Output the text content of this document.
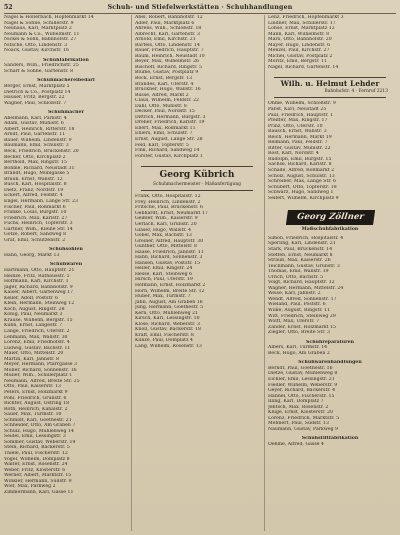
52	Schuh- und Stiefelwerkstätten · Schuhhandlungen
Nagel & Hollerbach, Hopfenmarkt 14
Nagel & Söhne, Schillerstr. 9
Neuhaus, Karl, Marktplatz 2
Neumann & Co., Wilhelmstr. 11
Nickel & Sohn, Bahnhofstr. 27
Nitsche, Otto, Lindenstr. 3
Noack, Gustav, Kirchstr. 16
Schuhfabrikation
Sanders, Wilh., Friedrichstr. 25
Scharf & Söhne, Gartenstr. 8
Schuhmachereibedarf
Berger, Ernst, Marktplatz 5
Dietrich & Co., Postplatz 14
Hauser, Fritz, Bergstr. 22
Wagner, Paul, Schloßstr. 7
Schuhmacher
Abelmann, Karl, Parkstr. 4
Adam, Gustav, Mühlstr. 6
Albert, Heinrich, Ritterstr. 18
Arndt, Paul, Gartenstr. 11
Bauer, Wilhelm, Lindenstr. 9
Baumann, Emil, Schulstr. 3
Beck, Friedrich, Brückenstr. 20
Becker, Otto, Kirchplatz 2
Berthold, Max, Ringstr. 15
Böhme, Richard, Neustadt 31
Brandt, Hugo, Mühlgasse 5
Braun, Ernst, Wallstr. 12
Busch, Karl, Hospitalstr. 8
Dietz, Franz, Nordstr. 19
Eckert, Alfred, Feldstr. 4
Engel, Hermann, Lange Str. 23
Fischer, Paul, Roßmarkt 6
Franke, Louis, Burgstr. 10
Friedrich, Max, Karlstr. 27
Fuchs, Heinrich, Töpferstr. 3
Gärtner, Wilh., Kleine Str. 14
Götze, Robert, Sandweg 8
Graf, Emil, Schützenstr. 2
Schuhsohlen
Hahn, Georg, Markt 13
Schuhwaren
Hartmann, Otto, Hauptstr. 21
Heinze, Fritz, Rathausstr. 5
Hoffmann, Karl, Kirchstr. 1
Jäger, Richard, Bahnhofstr. 9
Kaiser, Albert, Gartenweg 17
Keller, Adolf, Poststr. 6
Klein, Hermann, Steinweg 12
Koch, August, Ringstr. 28
König, Paul, Neumarkt 3
Krause, Wilhelm, Bergstr. 15
Kühn, Ernst, Langestr. 7
Lange, Friedrich, Uferstr. 2
Lehmann, Max, Wallstr. 30
Lorenz, Emil, Friedhofstr. 4
Ludwig, Gustav, Bachstr. 11
Maier, Otto, Mittelstr. 20
Martin, Karl, Jahnstr. 8
Meyer, Hermann, Pfarrgasse 3
Möller, Richard, Sonnenstr. 16
Müller, Wilh., Schillerplatz 1
Neumann, Alfred, Breite Str. 25
Otto, Paul, Kaiserstr. 13
Peters, Ernst, Holzmarkt 9
Pohl, Friedrich, Grünstr. 6
Richter, August, Ostring 18
Roth, Heinrich, Kanalstr. 2
Sauer, Max, Turmstr. 10
Schmidt, Karl, Goethestr. 21
Schneider, Otto, Am Graben 7
Schulz, Hugo, Mühlenweg 14
Seidel, Emil, Lessingstr. 3
Sommer, Gustav, Weberstr. 19
Stein, Richard, Bäckerstr. 5
Thiele, Paul, Fischerstr. 12
Vogel, Wilhelm, Domplatz 8
Walter, Ernst, Rosenstr. 24
Weber, Fritz, Klosterstr. 6
Werner, Albert, Marktstr. 15
Winkler, Hermann, Südstr. 9
Wolf, Max, Parkweg 2
Zimmermann, Karl, Gasse 11
Abel, Robert, Bahnhofstr. 12
Adler, Paul, Marktplatz 6
Ahrens, Wilh., Schloßstr. 18
Albrecht, Karl, Gartenstr. 3
Arnold, Emil, Kirchstr. 21
Bartels, Otto, Lindenstr. 14
Bauer, Friedrich, Hauptstr. 7
Baum, Heinrich, Neustadt 10
Beyer, Max, Wilhelmstr. 26
Bischoff, Richard, Ringstr. 5
Blume, Gustav, Postplatz 9
Bock, Ernst, Bergstr. 13
Brandes, Karl, Uferstr. 4
Brückner, Hugo, Wallstr. 16
Busse, Alfred, Markt 2
Claus, Wilhelm, Feldstr. 22
Dahl, Otto, Mühlstr. 8
Decker, Paul, Nordstr. 15
Dittrich, Hermann, Burgstr. 3
Dreher, Friedrich, Karlstr. 19
Ebert, Max, Roßmarkt 11
Ehlers, Emil, Schulstr. 7
Ernst, August, Lange Str. 28
Feld, Karl, Töpferstr. 5
Fink, Richard, Sandweg 14
Förster, Gustav, Kirchplatz 1
Georg Kübrich
Schuhmachermeister · Maßanfertigung
Frank, Otto, Hospitalstr. 12
Frey, Heinrich, Lindenstr. 2
Fritsche, Paul, Brückenstr. 6
Gebhardt, Ernst, Neumarkt 17
Geißler, Wilh., Kaiserstr. 9
Gerlach, Karl, Grünstr. 20
Glaser, Hugo, Wallstr. 4
Göbel, Max, Bachstr. 13
Greiner, Alfred, Hauptstr. 30
Günther, Otto, Mittelstr. 8
Haase, Friedrich, Jahnstr. 11
Hahn, Richard, Sonnenstr. 3
Hansen, Gustav, Poststr. 15
Heller, Emil, Ringstr. 24
Hesse, Karl, Steinweg 6
Hirsch, Paul, Uferstr. 19
Hofmann, Ernst, Holzmarkt 2
Horn, Wilhelm, Breite Str. 12
Huber, Max, Turmstr. 7
Jahn, August, Am Graben 16
Jung, Hermann, Goethestr. 5
Kern, Otto, Mühlenweg 21
Kirsch, Karl, Lessingstr. 10
Klose, Richard, Weberstr. 3
Knoll, Gustav, Bäckerstr. 18
Kraft, Emil, Fischerstr. 8
Kunze, Paul, Domplatz 4
Lang, Wilhelm, Rosenstr. 13
Lenz, Friedrich, Hopfenmarkt 3
Lindner, Max, Schillerstr. 17
Lohse, Ernst, Marktplatz 12
Mann, Karl, Wilhelmstr. 8
Marx, Otto, Bahnhofstr. 20
Mayer, Hugo, Lindenstr. 6
Menzel, Paul, Kirchstr. 27
Michel, Gustav, Postplatz 2
Moritz, Emil, Bergstr. 11
Nagel, Richard, Gartenstr. 14
Wilh. u. Helmut Lehder
Bahnhofstr. 4 · Fernruf 2213
Ohme, Wilhelm, Schloßstr. 9
Pabst, Karl, Neustadt 25
Paul, Friedrich, Hauptstr. 1
Pfeiffer, Max, Ringstr. 17
Prinz, Otto, Uferstr. 10
Rausch, Ernst, Wallstr. 3
Reich, Hermann, Markt 19
Reimann, Paul, Feldstr. 7
Ritter, Gustav, Mühlstr. 22
Rost, Karl, Nordstr. 4
Rudolph, Emil, Burgstr. 15
Sachse, Richard, Karlstr. 8
Schade, Alfred, Roßmarkt 2
Scholz, August, Schulstr. 13
Schreiber, Max, Lange Str. 6
Schubert, Otto, Töpferstr. 18
Schwarz, Hugo, Sandweg 1
Seifert, Wilhelm, Kirchplatz 9
Georg Zöllner
Maßschuhfabrikation
Simon, Friedrich, Hospitalstr. 4
Sperling, Karl, Lindenstr. 21
Stark, Paul, Brückenstr. 14
Steffen, Ernst, Neumarkt 8
Strauß, Max, Kaiserstr. 26
Teichmann, Gustav, Grünstr. 3
Thomas, Emil, Wallstr. 19
Ulrich, Otto, Bachstr. 5
Voigt, Richard, Hauptstr. 12
Wagner, Hermann, Mittelstr. 24
Weise, Karl, Jahnstr. 2
Wendt, Alfred, Sonnenstr. 17
Wieland, Paul, Poststr. 6
Wilke, August, Ringstr. 11
Witt, Friedrich, Steinweg 29
Wolff, Max, Uferstr. 7
Zander, Ernst, Holzmarkt 15
Ziegler, Otto, Breite Str. 3
Schuhreparaturen
Albers, Karl, Turmstr. 14
Beck, Hugo, Am Graben 2
Schuhwarenhandlungen
Berndt, Paul, Goethestr. 16
Dietze, Gustav, Mühlenweg 8
Eichler, Emil, Lessingstr. 21
Fiedler, Wilhelm, Weberstr. 9
Geyer, Richard, Bäckerstr. 4
Hähnel, Otto, Fischerstr. 15
Illing, Karl, Domplatz 7
Jentsch, Max, Rosenstr. 2
Kluge, Ernst, Klosterstr. 20
Lorenz, Friedrich, Marktstr. 5
Mehnert, Paul, Südstr. 13
Naumann, Gustav, Parkweg 9
Schuhstiftfabrikation
Oehme, Alfred, Gasse 4
